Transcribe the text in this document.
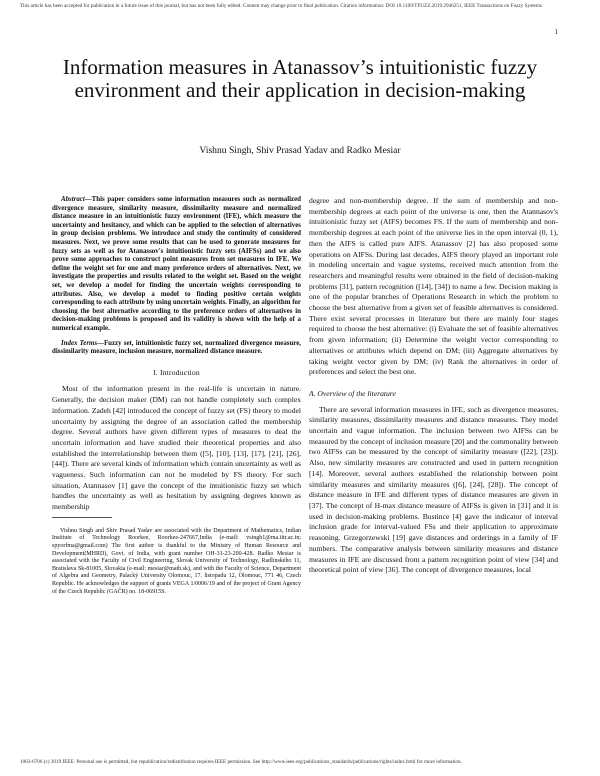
This article has been accepted for publication in a future issue of this journal, but has not been fully edited. Content may change prior to final publication. Citation information: DOI 10.1109/TFUZZ.2019.2946251, IEEE Transactions on Fuzzy Systems
1
Information measures in Atanassov’s intuitionistic fuzzy environment and their application in decision-making
Vishnu Singh, Shiv Prasad Yadav and Radko Mesiar

Abstract—This paper considers some information measures such as normalized divergence measure, similarity measure, dissimilarity measure and normalized distance measure in an intuitionistic fuzzy environment (IFE), which measure the uncertainty and hesitancy, and which can be applied to the selection of alternatives in group decision problems. We introduce and study the continuity of considered measures. Next, we prove some results that can be used to generate measures for fuzzy sets as well as for Atanassov's intuitionistic fuzzy sets (AIFSs) and we also prove some approaches to construct point measures from set measures in IFE. We define the weight set for one and many preference orders of alternatives. Next, we investigate the properties and results related to the weight set. Based on the weight set, we develop a model for finding the uncertain weights corresponding to attributes. Also, we develop a model to finding positive certain weights corresponding to each attribute by using uncertain weights. Finally, an algorithm for choosing the best alternative according to the preference orders of alternatives in decision-making problems is proposed and its validity is shown with the help of a numerical example.

Index Terms—Fuzzy set, intuitionistic fuzzy set, normalized divergence measure, dissimilarity measure, inclusion measure, normalized distance measure.

I. Introduction

Most of the information present in the real-life is uncertain in nature. Generally, the decision maker (DM) can not handle completely such complex information. Zadeh [42] introduced the concept of fuzzy set (FS) theory to model uncertainty by assigning the degree of an association called the membership degree. Several authors have given different types of measures to deal the uncertain information and have studied their theoretical properties and also established the interrelationship between them ([5], [10], [13], [17], [21], [26], [44]). There are several kinds of information which contain uncertainty as well as vagueness. Such information can not be modeled by FS theory. For such situation, Atannasov [1] gave the concept of the intuitionistic fuzzy set which handles the uncertainty as well as hesitation by assigning degrees known as membership

Vishnu Singh and Shiv Prasad Yadav are associated with the Department of Mathematics, Indian Institute of Technology Roorkee, Roorkee-247667,India (e-mail: vsingh1@ma.iitr.ac.in; spyorfma@gmail.com) The first author is thankful to the Ministry of Human Resource and Development(MHRD), Govt. of India, with grant number OH-31-23-200-428. Radko Mesiar is associated with the Faculty of Civil Engineering, Slovak University of Technology, Radlinského 11, Bratislava Sk-81005, Slovakia (e-mail: mesiar@math.sk), and with the Faculty of Science, Department of Algebra and Geometry, Palacký University Olomouc, 17. listopadu 12, Olomouc, 771 46, Czech Republic. He acknowledges the support of grants VEGA 1/0006/19 and of the project of Grant Agency of the Czech Republic (GAČR) no. 18-06915S.

degree and non-membership degree. If the sum of membership and non-membership degrees at each point of the universe is one, then the Atannasov's intuitionistic fuzzy set (AIFS) becomes FS. If the sum of membership and non-membership degrees at each point of the universe lies in the open interval (0, 1), then the AIFS is called pure AIFS. Atanassov [2] has also proposed some operations on AIFSs. During last decades, AIFS theory played an important role in modeling uncertain and vague systems, received much attention from the researchers and meaningful results were obtained in the field of decision-making problems [31], pattern recognition ([14], [34]) to name a few. Decision making is one of the popular branches of Operations Research in which the problem to choose the best alternative from a given set of feasible alternatives is considered. There exist several processes in literature but there are mainly four stages required to choose the best alternative: (i) Evaluate the set of feasible alternatives from given information; (ii) Determine the weight vector corresponding to alternatives or attributes which depend on DM; (iii) Aggregate alternatives by taking weight vector given by DM; (iv) Rank the alternatives in order of preferences and select the best one.

A. Overview of the literature

There are several information measures in IFE, such as divergence measures, similarity measures, dissimilarity measures and distance measures. They model uncertain and vague information. The inclusion between two AIFSs can be measured by the concept of inclusion measure [20] and the commonality between two AIFSs can be measured by the concept of similarity measure ([22], [23]). Also, new similarity measures are constructed and used in pattern recognition [14]. Moreover, several authors established the relationship between point similarity measures and similarity measures ([6], [24], [28]). The concept of distance measure in IFE and different types of distance measures are given in [37]. The concept of H-max distance measure of AIFSs is given in [31] and it is used in decision-making problems. Bustince [4] gave the indicator of interval inclusion grade for interval-valued FSs and their application to approximate reasoning. Grzegorzewski [19] gave distances and orderings in a family of IF numbers. The comparative analysis between similarity measures and distance measures in IFE are discussed from a pattern recognition point of view [34] and theoretical point of view [36]. The concept of divergence measures, local

1063-6706 (c) 2019 IEEE. Personal use is permitted, but republication/redistribution requires IEEE permission. See http://www.ieee.org/publications_standards/publications/rights/index.html for more information.
